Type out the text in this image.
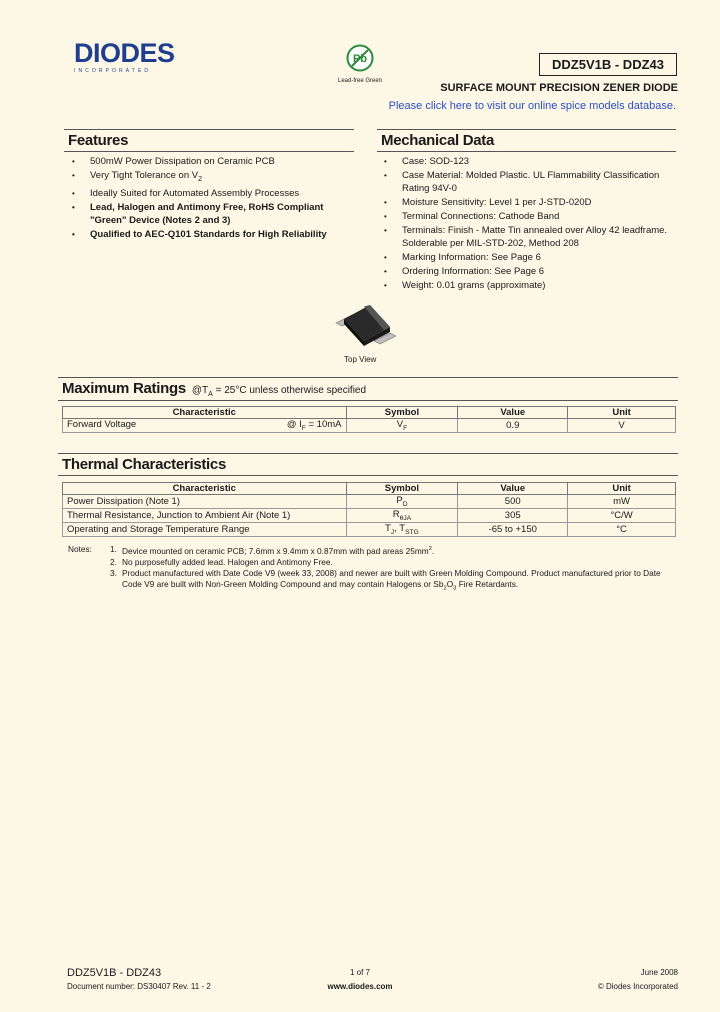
DIODES
INCORPORATED
Pb
Lead-free Green
DDZ5V1B - DDZ43
SURFACE MOUNT PRECISION ZENER DIODE
Please click here to visit our online spice models database.
Features
• 500mW Power Dissipation on Ceramic PCB
• Very Tight Tolerance on $V_Z$
• Ideally Suited for Automated Assembly Processes
• Lead, Halogen and Antimony Free, RoHS Compliant "Green" Device (Notes 2 and 3)
• Qualified to AEC-Q101 Standards for High Reliability
Mechanical Data
• Case: SOD-123
• Case Material: Molded Plastic. UL Flammability Classification Rating 94V-0
• Moisture Sensitivity: Level 1 per J-STD-020D
• Terminal Connections: Cathode Band
• Terminals: Finish - Matte Tin annealed over Alloy 42 leadframe. Solderable per MIL-STD-202, Method 208
• Marking Information: See Page 6
• Ordering Information: See Page 6
• Weight: 0.01 grams (approximate)
Top View
Maximum Ratings $@T_A = 25^\circ C$ unless otherwise specified
Characteristic	Symbol	Value	Unit
Forward Voltage @ $I_F = 10mA$	$V_F$	0.9	V
Thermal Characteristics
Characteristic	Symbol	Value	Unit
Power Dissipation (Note 1)	$P_D$	500	mW
Thermal Resistance, Junction to Ambient Air (Note 1)	$R_{\theta JA}$	305	°C/W
Operating and Storage Temperature Range	$T_J$, $T_{STG}$	-65 to +150	°C
Notes: 1. Device mounted on ceramic PCB; 7.6mm x 9.4mm x 0.87mm with pad areas $25mm^2$.
2. No purposefully added lead. Halogen and Antimony Free.
3. Product manufactured with Date Code V9 (week 33, 2008) and newer are built with Green Molding Compound. Product manufactured prior to Date Code V9 are built with Non-Green Molding Compound and may contain Halogens or $Sb_2O_3$ Fire Retardants.
DDZ5V1B - DDZ43
Document number: DS30407 Rev. 11 - 2
1 of 7
www.diodes.com
June 2008
© Diodes Incorporated
